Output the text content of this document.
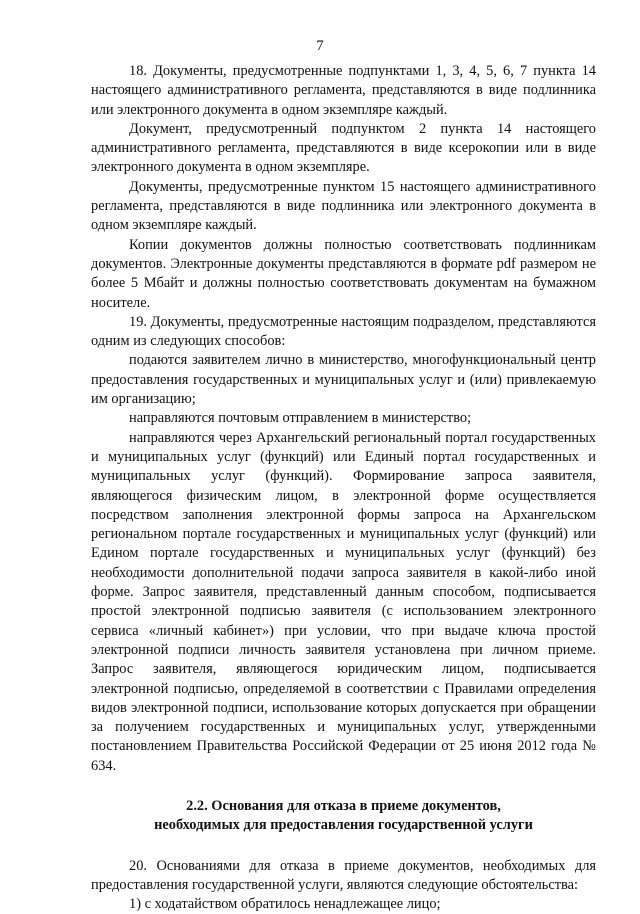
7

18. Документы, предусмотренные подпунктами 1, 3, 4, 5, 6, 7 пункта 14 настоящего административного регламента, представляются в виде подлинника или электронного документа в одном экземпляре каждый.

Документ, предусмотренный подпунктом 2 пункта 14 настоящего административного регламента, представляются в виде ксерокопии или в виде электронного документа в одном экземпляре.

Документы, предусмотренные пунктом 15 настоящего административного регламента, представляются в виде подлинника или электронного документа в одном экземпляре каждый.

Копии документов должны полностью соответствовать подлинникам документов. Электронные документы представляются в формате pdf размером не более 5 Мбайт и должны полностью соответствовать документам на бумажном носителе.

19. Документы, предусмотренные настоящим подразделом, представляются одним из следующих способов:

подаются заявителем лично в министерство, многофункциональный центр предоставления государственных и муниципальных услуг и (или) привлекаемую им организацию;

направляются почтовым отправлением в министерство;

направляются через Архангельский региональный портал государственных и муниципальных услуг (функций) или Единый портал государственных и муниципальных услуг (функций). Формирование запроса заявителя, являющегося физическим лицом, в электронной форме осуществляется посредством заполнения электронной формы запроса на Архангельском региональном портале государственных и муниципальных услуг (функций) или Едином портале государственных и муниципальных услуг (функций) без необходимости дополнительной подачи запроса заявителя в какой-либо иной форме. Запрос заявителя, представленный данным способом, подписывается простой электронной подписью заявителя (с использованием электронного сервиса «личный кабинет») при условии, что при выдаче ключа простой электронной подписи личность заявителя установлена при личном приеме. Запрос заявителя, являющегося юридическим лицом, подписывается электронной подписью, определяемой в соответствии с Правилами определения видов электронной подписи, использование которых допускается при обращении за получением государственных и муниципальных услуг, утвержденными постановлением Правительства Российской Федерации от 25 июня 2012 года № 634.

2.2. Основания для отказа в приеме документов,
необходимых для предоставления государственной услуги

20. Основаниями для отказа в приеме документов, необходимых для предоставления государственной услуги, являются следующие обстоятельства:

1) с ходатайством обратилось ненадлежащее лицо;
